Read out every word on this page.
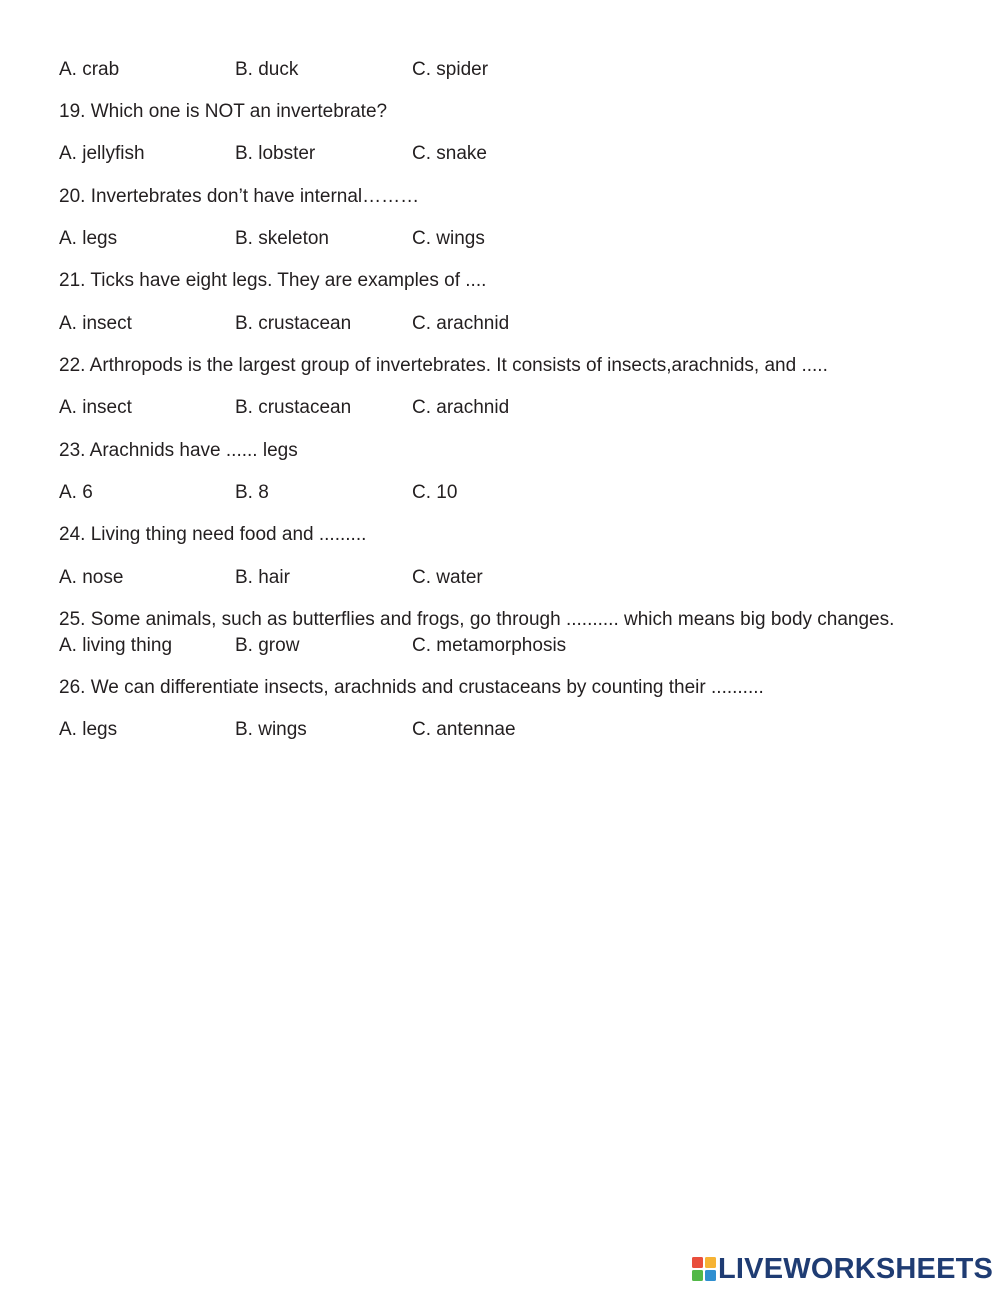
A. crab	B. duck	C. spider
19. Which one is NOT an invertebrate?
A. jellyfish	B. lobster	C. snake
20. Invertebrates don’t have internal………
A. legs	B. skeleton	C. wings
21. Ticks have eight legs. They are examples of ....
A. insect	B. crustacean	C. arachnid
22. Arthropods is the largest group of invertebrates. It consists of insects,arachnids, and .....
A. insect	B. crustacean	C. arachnid
23. Arachnids have ...... legs
A. 6	B. 8	C. 10
24. Living thing need food and .........
A. nose	B. hair	C. water
25. Some animals, such as butterflies and frogs, go through .......... which means big body changes.
A. living thing	B. grow	C. metamorphosis
26. We can differentiate insects, arachnids and crustaceans by counting their ..........
A. legs	B. wings	C. antennae
LIVEWORKSHEETS
